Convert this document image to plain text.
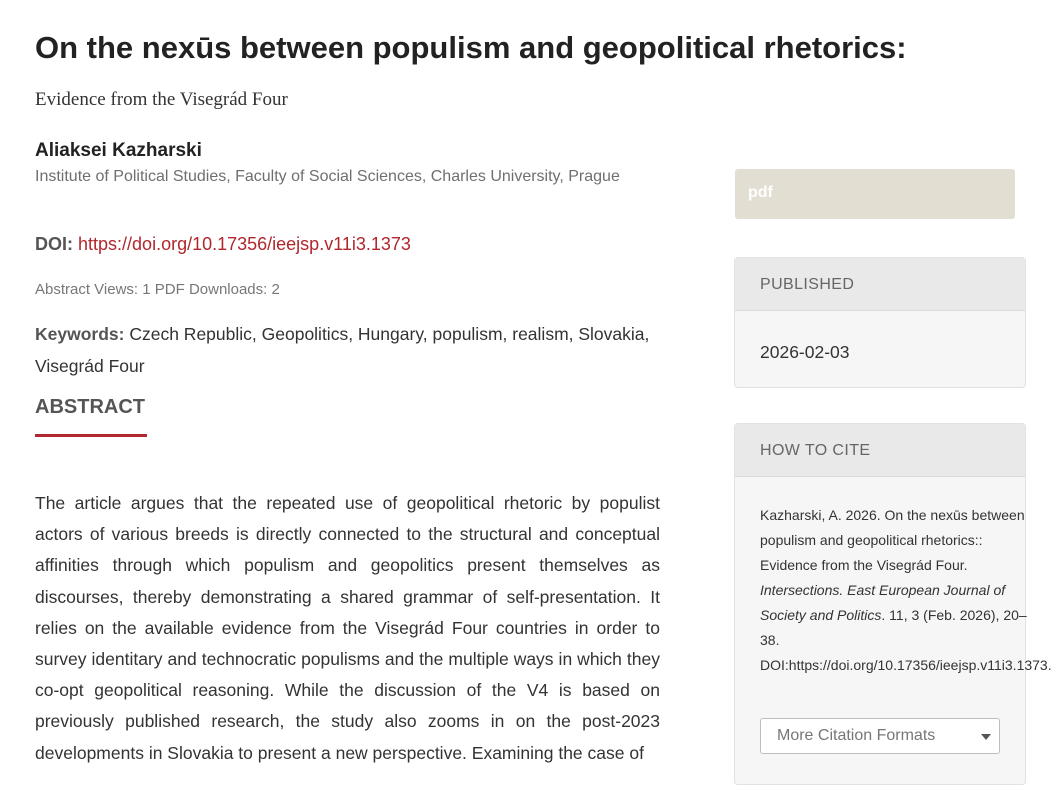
On the nexūs between populism and geopolitical rhetorics:
Evidence from the Visegrád Four
Aliaksei Kazharski
Institute of Political Studies, Faculty of Social Sciences, Charles University, Prague
DOI: https://doi.org/10.17356/ieejsp.v11i3.1373
Abstract Views: 1 PDF Downloads: 2
Keywords: Czech Republic, Geopolitics, Hungary, populism, realism, Slovakia, Visegrád Four
ABSTRACT

The article argues that the repeated use of geopolitical rhetoric by populist actors of various breeds is directly connected to the structural and conceptual affinities through which populism and geopolitics present themselves as discourses, thereby demonstrating a shared grammar of self-presentation. It relies on the available evidence from the Visegrád Four countries in order to survey identitary and technocratic populisms and the multiple ways in which they co-opt geopolitical reasoning. While the discussion of the V4 is based on previously published research, the study also zooms in on the post-2023 developments in Slovakia to present a new perspective. Examining the case of

pdf
PUBLISHED
2026-02-03
HOW TO CITE
Kazharski, A. 2026. On the nexūs between populism and geopolitical rhetorics:: Evidence from the Visegrád Four. Intersections. East European Journal of Society and Politics. 11, 3 (Feb. 2026), 20–38. DOI:https://doi.org/10.17356/ieejsp.v11i3.1373.
More Citation Formats
